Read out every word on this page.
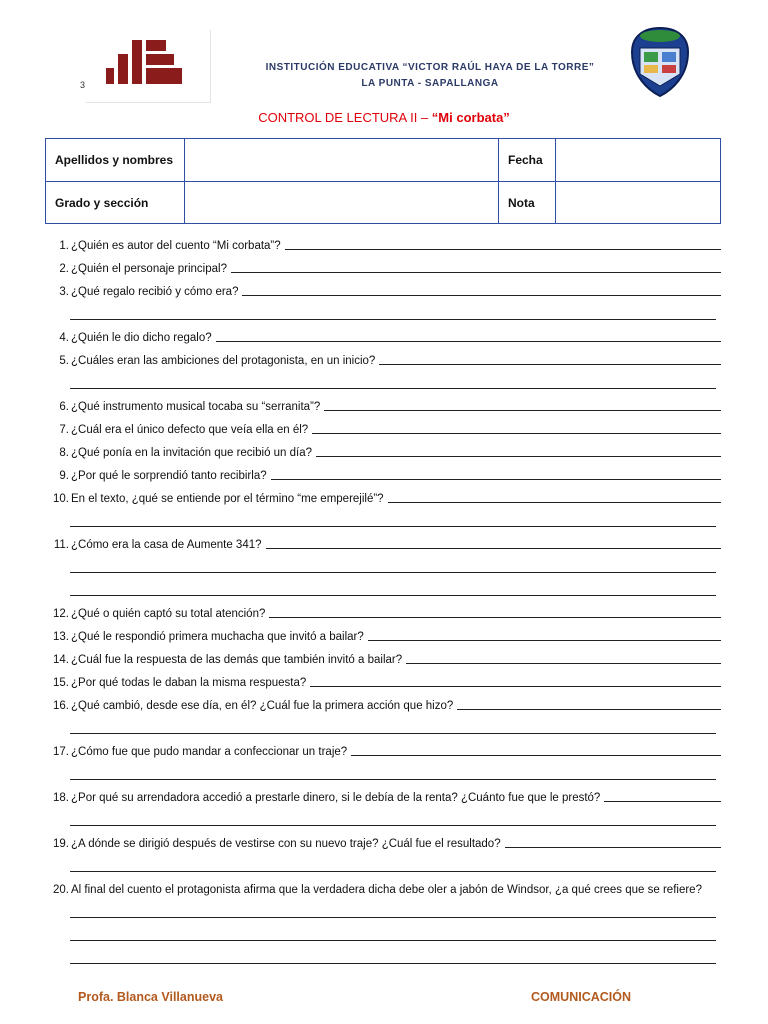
3
INSTITUCIÓN EDUCATIVA “VICTOR RAÚL HAYA DE LA TORRE”
LA PUNTA - SAPALLANGA
CONTROL DE LECTURA II – “Mi corbata”
Apellidos y nombres		Fecha	
Grado y sección		Nota	
1. ¿Quién es autor del cuento “Mi corbata”?
2. ¿Quién el personaje principal?
3. ¿Qué regalo recibió y cómo era?
4. ¿Quién le dio dicho regalo?
5. ¿Cuáles eran las ambiciones del protagonista, en un inicio?
6. ¿Qué instrumento musical tocaba su “serranita”?
7. ¿Cuál era el único defecto que veía ella en él?
8. ¿Qué ponía en la invitación que recibió un día?
9. ¿Por qué le sorprendió tanto recibirla?
10. En el texto, ¿qué se entiende por el término “me emperejilé”?
11. ¿Cómo era la casa de Aumente 341?
12. ¿Qué o quién captó su total atención?
13. ¿Qué le respondió primera muchacha que invitó a bailar?
14. ¿Cuál fue la respuesta de las demás que también invitó a bailar?
15. ¿Por qué todas le daban la misma respuesta?
16. ¿Qué cambió, desde ese día, en él? ¿Cuál fue la primera acción que hizo?
17. ¿Cómo fue que pudo mandar a confeccionar un traje?
18. ¿Por qué su arrendadora accedió a prestarle dinero, si le debía de la renta? ¿Cuánto fue que le prestó?
19. ¿A dónde se dirigió después de vestirse con su nuevo traje? ¿Cuál fue el resultado?
20. Al final del cuento el protagonista afirma que la verdadera dicha debe oler a jabón de Windsor, ¿a qué crees que se refiere?
Profa. Blanca Villanueva	COMUNICACIÓN
